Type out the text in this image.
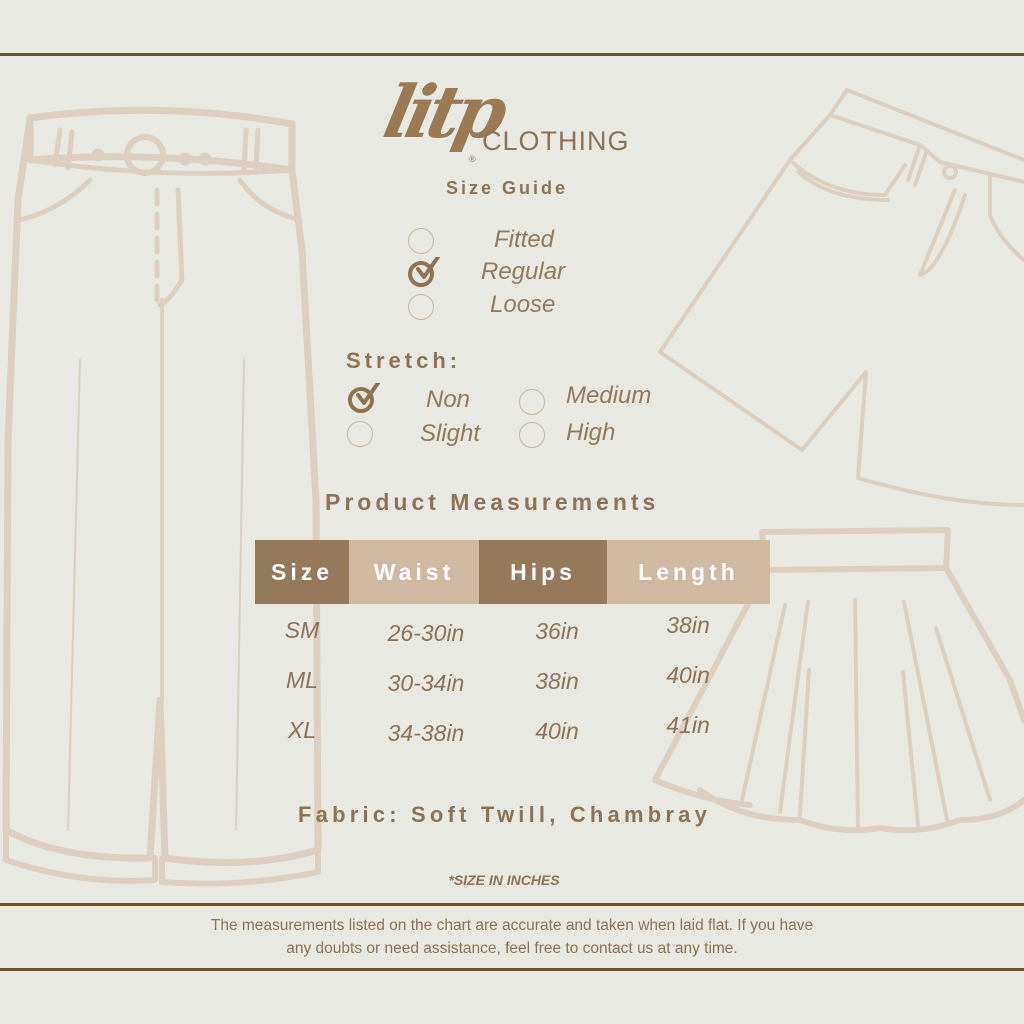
litp
®
CLOTHING
Size Guide
Fitted
Regular
Loose
Stretch:
Non
Slight
Medium
High
Product Measurements
Size	Waist	Hips	Length
SM	26-30in	36in	38in
ML	30-34in	38in	40in
XL	34-38in	40in	41in
Fabric: Soft Twill, Chambray
*SIZE IN INCHES
The measurements listed on the chart are accurate and taken when laid flat. If you have
any doubts or need assistance, feel free to contact us at any time.
